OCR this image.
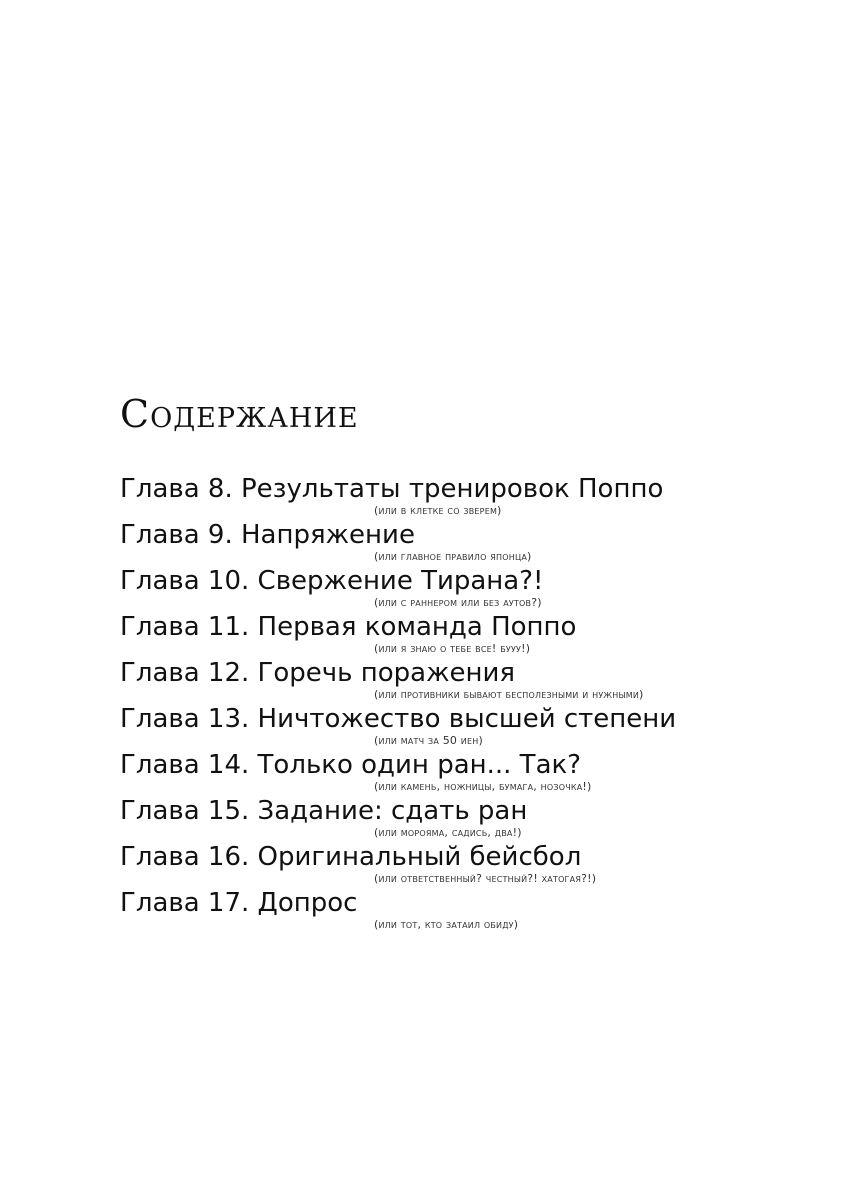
Содержание
Глава 8. Результаты тренировок Поппо
(или в клетке со зверем)
Глава 9. Напряжение
(или главное правило японца)
Глава 10. Свержение Тирана?!
(или с раннером или без аутов?)
Глава 11. Первая команда Поппо
(или я знаю о тебе все! бууу!)
Глава 12. Горечь поражения
(или противники бывают бесполезными и нужными)
Глава 13. Ничтожество высшей степени
(или матч за 50 иен)
Глава 14. Только один ран... Так?
(или камень, ножницы, бумага, нозочка!)
Глава 15. Задание: сдать ран
(или морояма, садись, два!)
Глава 16. Оригинальный бейсбол
(или ответственный? честный?! хатогая?!)
Глава 17. Допрос
(или тот, кто затаил обиду)
